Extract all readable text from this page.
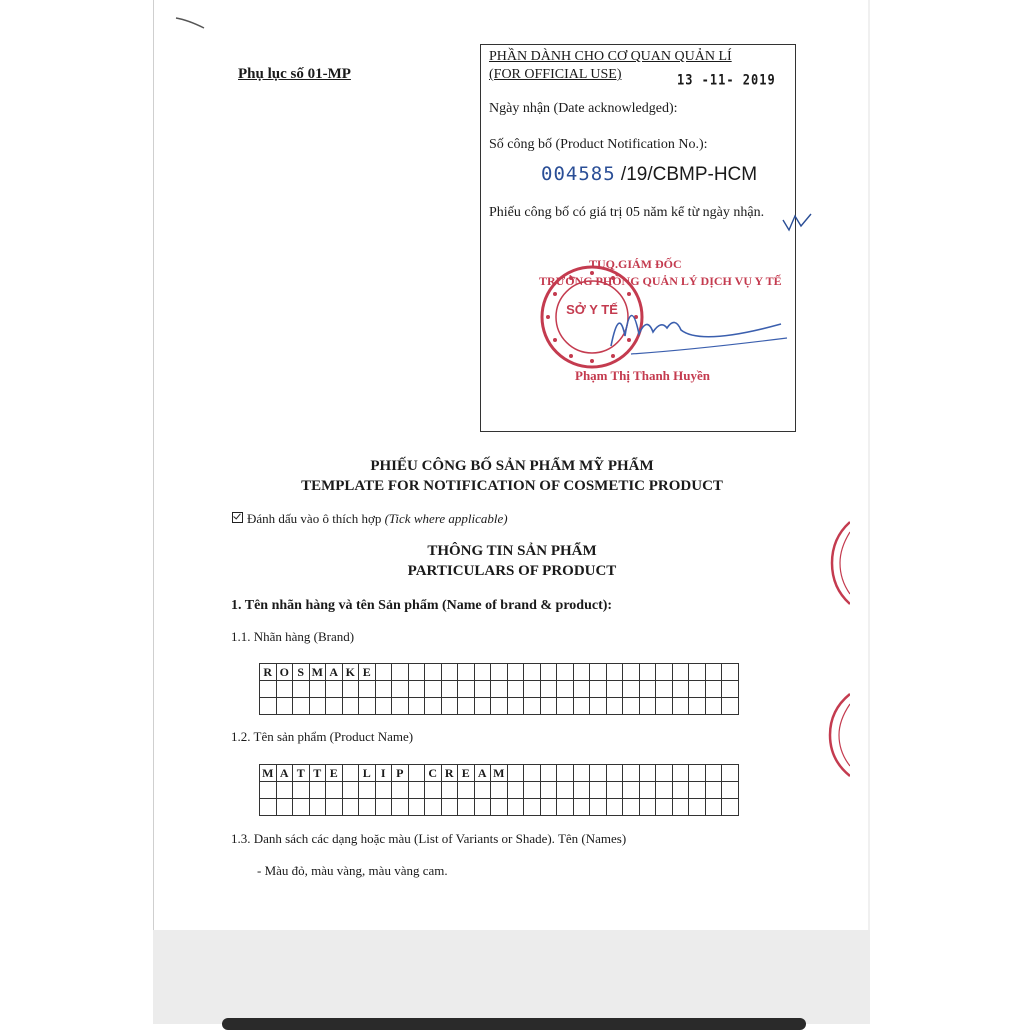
Phụ lục số 01-MP
PHẦN DÀNH CHO CƠ QUAN QUẢN LÍ
(FOR OFFICIAL USE)	13 -11- 2019
Ngày nhận (Date acknowledged):
Số công bố (Product Notification No.):
004585 /19/CBMP-HCM
Phiếu công bố có giá trị 05 năm kể từ ngày nhận.
SỞ Y TẾ
TUQ.GIÁM ĐỐC
TRƯỞNG PHÒNG QUẢN LÝ DỊCH VỤ Y TẾ
Phạm Thị Thanh Huyền
PHIẾU CÔNG BỐ SẢN PHẨM MỸ PHẨM
TEMPLATE FOR NOTIFICATION OF COSMETIC PRODUCT
Đánh dấu vào ô thích hợp (Tick where applicable)
THÔNG TIN SẢN PHẨM
PARTICULARS OF PRODUCT
1. Tên nhãn hàng và tên Sản phẩm (Name of brand & product):
1.1. Nhãn hàng (Brand)
R	O	S	M	A	K	E																						

1.2. Tên sản phẩm (Product Name)
M	A	T	T	E		L	I	P		C	R	E	A	M														

1.3. Danh sách các dạng hoặc màu (List of Variants or Shade). Tên (Names)
- Màu đỏ, màu vàng, màu vàng cam.
